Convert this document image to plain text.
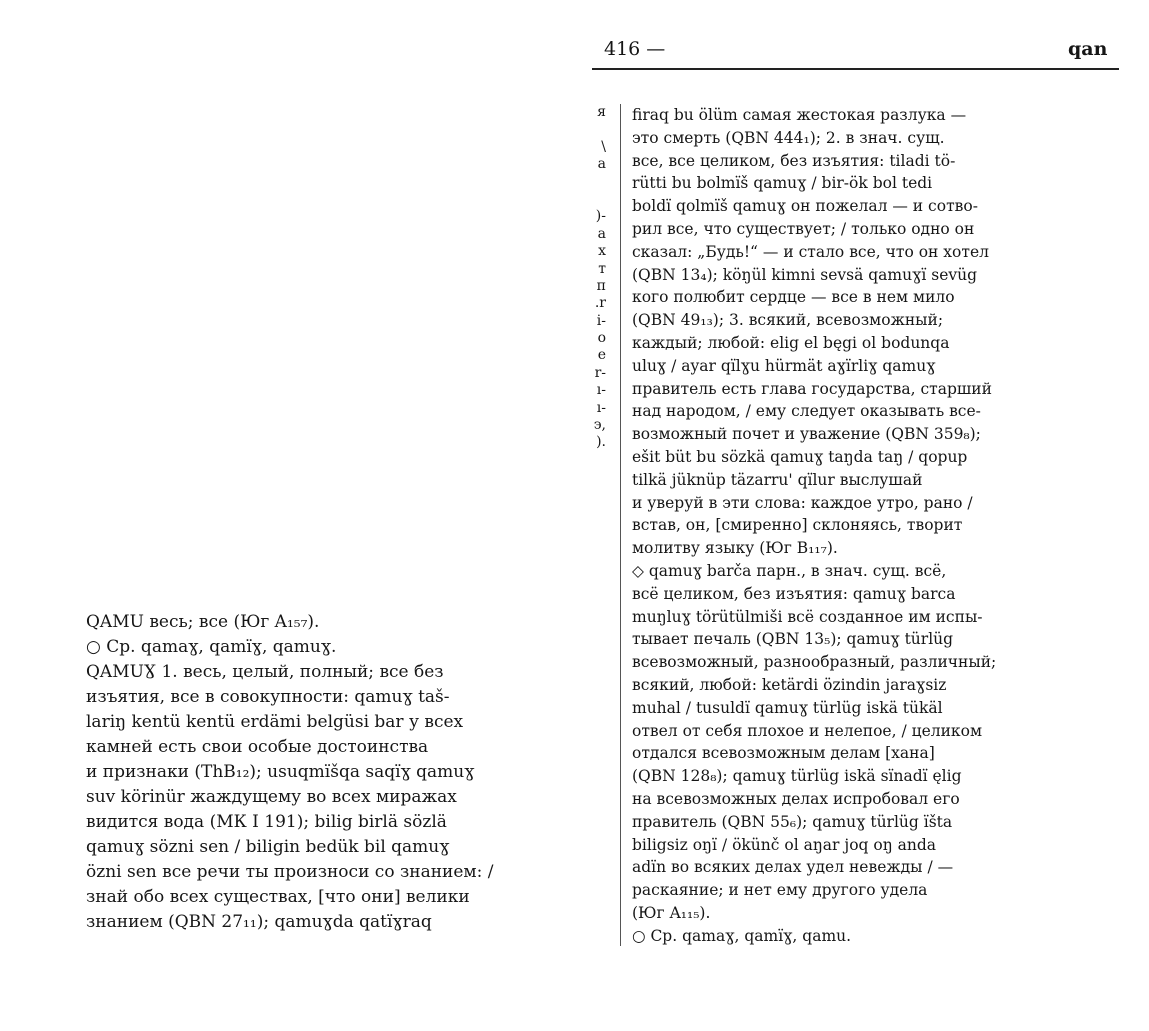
416 —	qan
я
\
a
)-
a
x
т
п
.r
i-
o
e
r-
ı-
ı-
э,
).
firaq bu ölüm самая жестокая разлука —
это смерть (QBN 444₁); 2. в знач. сущ.
все, все целиком, без изъятия: tiladi tö-
rütti bu bolmïš qamuɣ / bir-ök bol tedi
boldï qolmïš qamuɣ он пожелал — и сотво-
рил все, что существует; / только одно он
сказал: „Будь!“ — и стало все, что он хотел
(QBN 13₄); köŋül kimni sevsä qamuɣï sevüg
кого полюбит сердце — все в нем мило
(QBN 49₁₃); 3. всякий, всевозможный;
каждый; любой: elig el bęgi ol bodunqa
uluɣ / ayar qïlɣu hürmät aɣïrliɣ qamuɣ
правитель есть глава государства, старший
над народом, / ему следует оказывать все-
возможный почет и уважение (QBN 359₈);
ešit büt bu sözkä qamuɣ taŋda taŋ / qopup
tilkä jüknüp täzarru' qïlur выслушай
и уверуй в эти слова: каждое утро, рано /
встав, он, [смиренно] склоняясь, творит
молитву языку (Юг B₁₁₇).
◇ qamuɣ barča парн., в знач. сущ. всё,
всё целиком, без изъятия: qamuɣ barca
muŋluɣ törütülmiši всё созданное им испы-
тывает печаль (QBN 13₅); qamuɣ türlüg
всевозможный, разнообразный, различный;
всякий, любой: ketärdi özindin jaraɣsiz
muhal / tusuldï qamuɣ türlüg iskä tükäl
отвел от себя плохое и нелепое, / целиком
отдался всевозможным делам [хана]
(QBN 128₈); qamuɣ türlüg iskä sïnadï ęlig
на всевозможных делах испробовал его
правитель (QBN 55₆); qamuɣ türlüg ïšta
biligsiz oŋï / ökünč ol aŋar joq oŋ anda
adïn во всяких делах удел невежды / —
раскаяние; и нет ему другого удела
(Юг A₁₁₅).
○ Ср. qamaɣ, qamïɣ, qamu.
QAMU весь; все (Юг A₁₅₇).
○ Ср. qamaɣ, qamïɣ, qamuɣ.
QAMUƔ 1. весь, целый, полный; все без
изъятия, все в совокупности: qamuɣ taš-
lariŋ kentü kentü erdämi belgüsi bar у всех
камней есть свои особые достоинства
и признаки (ThB₁₂); usuqmïšqa saqïɣ qamuɣ
suv köri̇nür жаждущему во всех миражах
видится вода (МК I 191); bilig birlä sözlä
qamuɣ sözni sen / biligin bedük bil qamuɣ
özni sen все речи ты произноси со знанием: /
знай обо всех существах, [что они] велики
знанием (QBN 27₁₁); qamuɣda qatïɣraq
